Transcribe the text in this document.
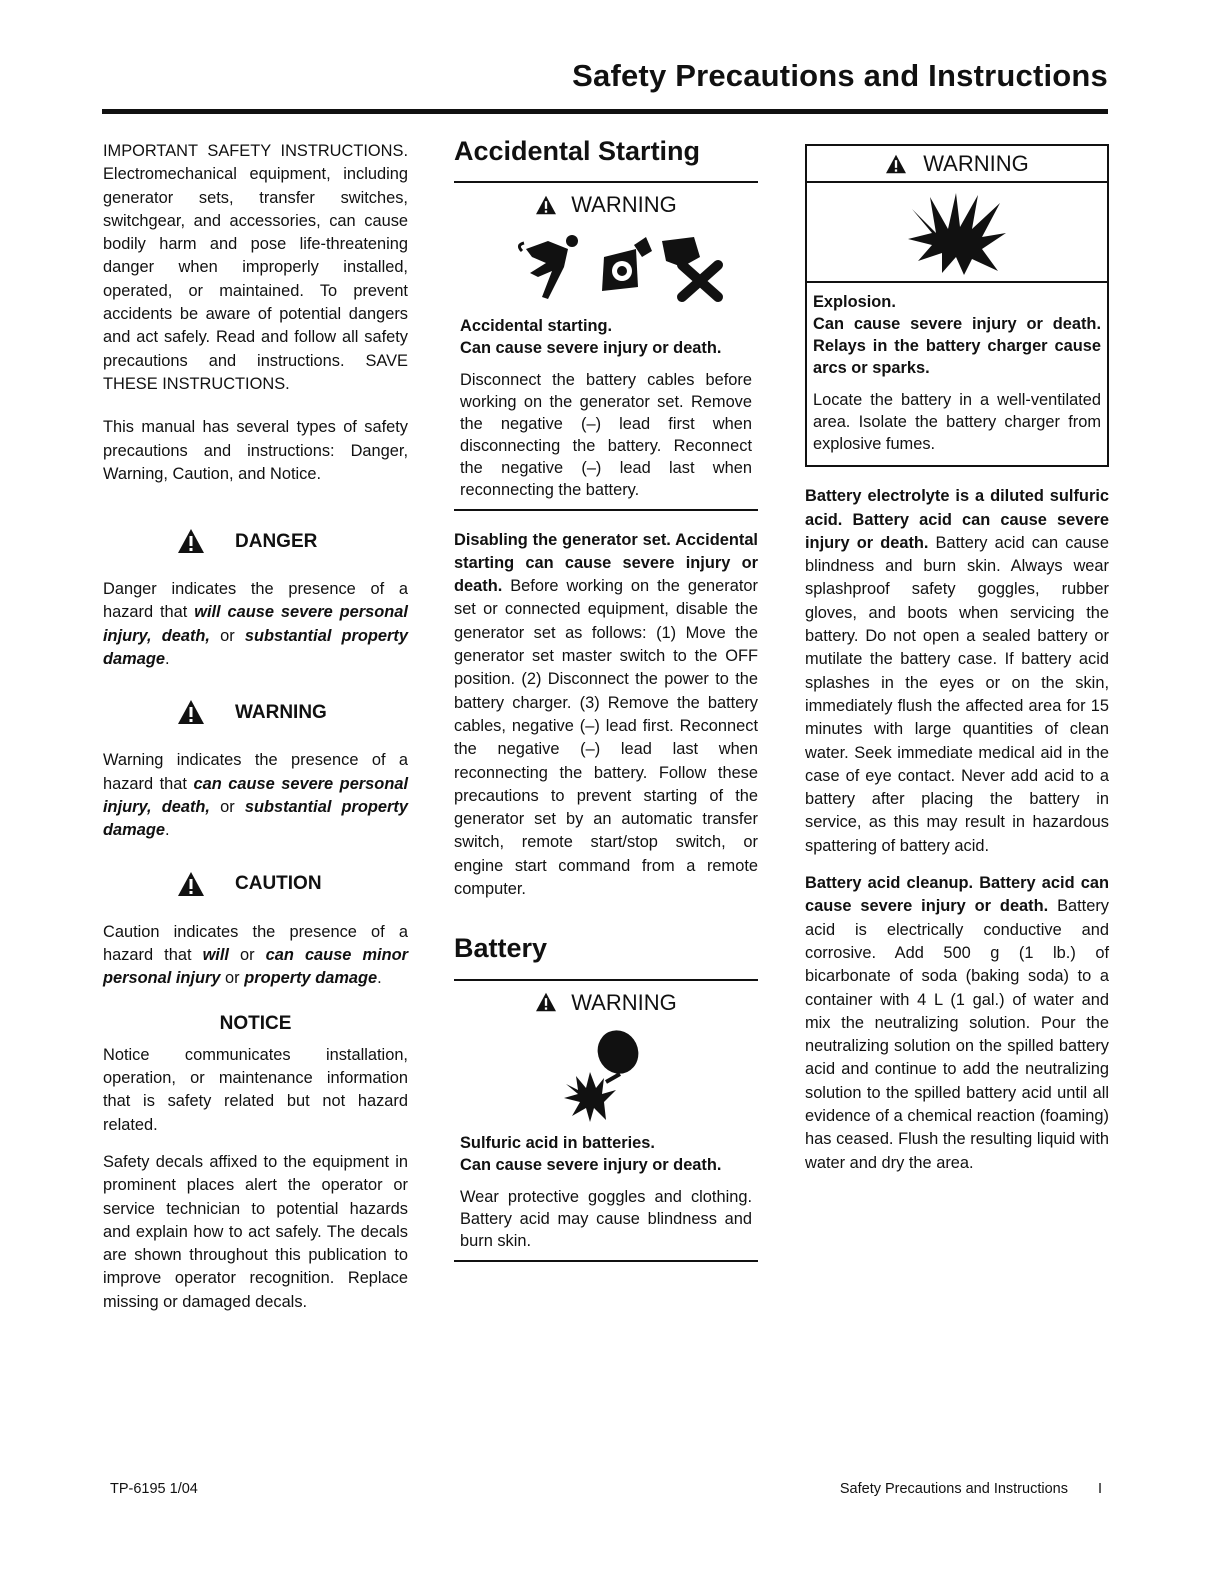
Safety Precautions and Instructions

IMPORTANT SAFETY INSTRUCTIONS. Electromechanical equipment, including generator sets, transfer switches, switchgear, and accessories, can cause bodily harm and pose life-threatening danger when improperly installed, operated, or maintained. To prevent accidents be aware of potential dangers and act safely. Read and follow all safety precautions and instructions. SAVE THESE INSTRUCTIONS.

This manual has several types of safety precautions and instructions: Danger, Warning, Caution, and Notice.

DANGER

Danger indicates the presence of a hazard that will cause severe personal injury, death, or substantial property damage.

WARNING

Warning indicates the presence of a hazard that can cause severe personal injury, death, or substantial property damage.

CAUTION

Caution indicates the presence of a hazard that will or can cause minor personal injury or property damage.

NOTICE

Notice communicates installation, operation, or maintenance information that is safety related but not hazard related.

Safety decals affixed to the equipment in prominent places alert the operator or service technician to potential hazards and explain how to act safely. The decals are shown throughout this publication to improve operator recognition. Replace missing or damaged decals.

Accidental Starting
WARNING
Accidental starting.
Can cause severe injury or death.

Disconnect the battery cables before working on the generator set. Remove the negative (–) lead first when disconnecting the battery. Reconnect the negative (–) lead last when reconnecting the battery.

Disabling the generator set. Accidental starting can cause severe injury or death. Before working on the generator set or connected equipment, disable the generator set as follows: (1) Move the generator set master switch to the OFF position. (2) Disconnect the power to the battery charger. (3) Remove the battery cables, negative (–) lead first. Reconnect the negative (–) lead last when reconnecting the battery. Follow these precautions to prevent starting of the generator set by an automatic transfer switch, remote start/stop switch, or engine start command from a remote computer.

Battery
WARNING
Sulfuric acid in batteries.
Can cause severe injury or death.

Wear protective goggles and clothing. Battery acid may cause blindness and burn skin.

WARNING
Explosion.
Can cause severe injury or death. Relays in the battery charger cause arcs or sparks.

Locate the battery in a well-ventilated area. Isolate the battery charger from explosive fumes.

Battery electrolyte is a diluted sulfuric acid. Battery acid can cause severe injury or death. Battery acid can cause blindness and burn skin. Always wear splashproof safety goggles, rubber gloves, and boots when servicing the battery. Do not open a sealed battery or mutilate the battery case. If battery acid splashes in the eyes or on the skin, immediately flush the affected area for 15 minutes with large quantities of clean water. Seek immediate medical aid in the case of eye contact. Never add acid to a battery after placing the battery in service, as this may result in hazardous spattering of battery acid.

Battery acid cleanup. Battery acid can cause severe injury or death. Battery acid is electrically conductive and corrosive. Add 500 g (1 lb.) of bicarbonate of soda (baking soda) to a container with 4 L (1 gal.) of water and mix the neutralizing solution. Pour the neutralizing solution on the spilled battery acid and continue to add the neutralizing solution to the spilled battery acid until all evidence of a chemical reaction (foaming) has ceased. Flush the resulting liquid with water and dry the area.

TP-6195 1/04	Safety Precautions and Instructions I
